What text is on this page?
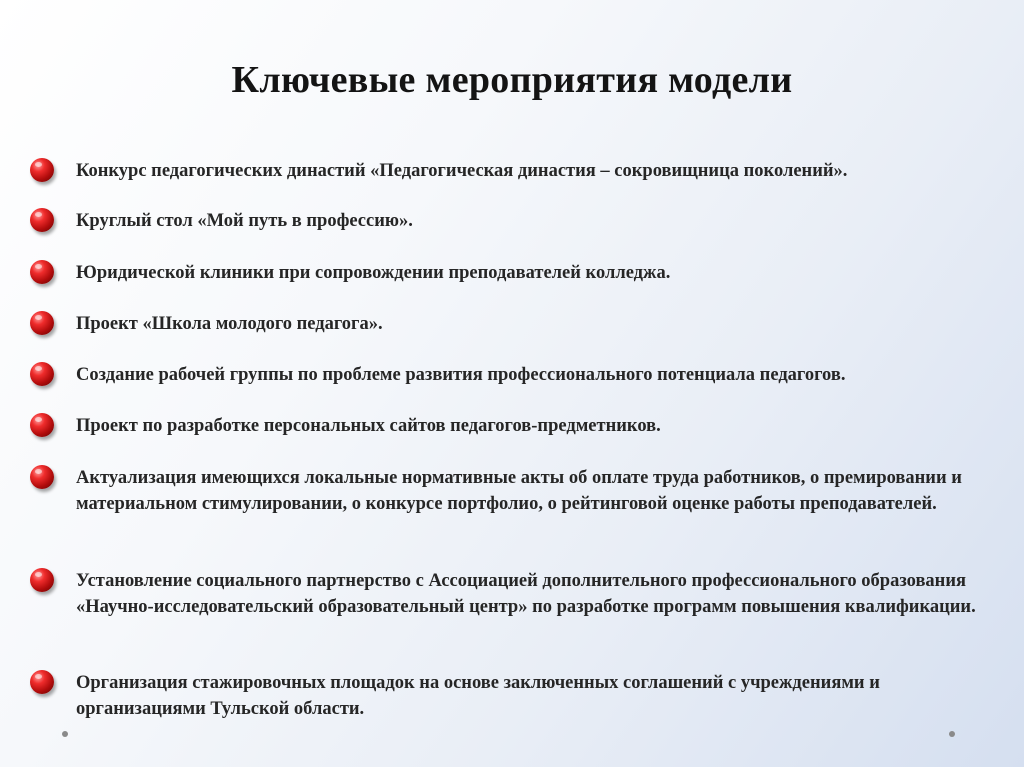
Ключевые мероприятия модели
Конкурс педагогических династий «Педагогическая династия – сокровищница поколений».
Круглый стол «Мой путь в профессию».
Юридической клиники при сопровождении преподавателей колледжа.
Проект «Школа молодого педагога».
Создание рабочей группы по проблеме развития профессионального потенциала педагогов.
Проект по разработке персональных сайтов педагогов-предметников.
Актуализация имеющихся локальные нормативные акты об оплате труда работников, о премировании и материальном стимулировании, о конкурсе портфолио, о рейтинговой оценке работы преподавателей.
Установление социального партнерство с Ассоциацией дополнительного профессионального образования «Научно-исследовательский образовательный центр» по разработке программ повышения квалификации.
Организация стажировочных площадок на основе заключенных соглашений с учреждениями и организациями Тульской области.
